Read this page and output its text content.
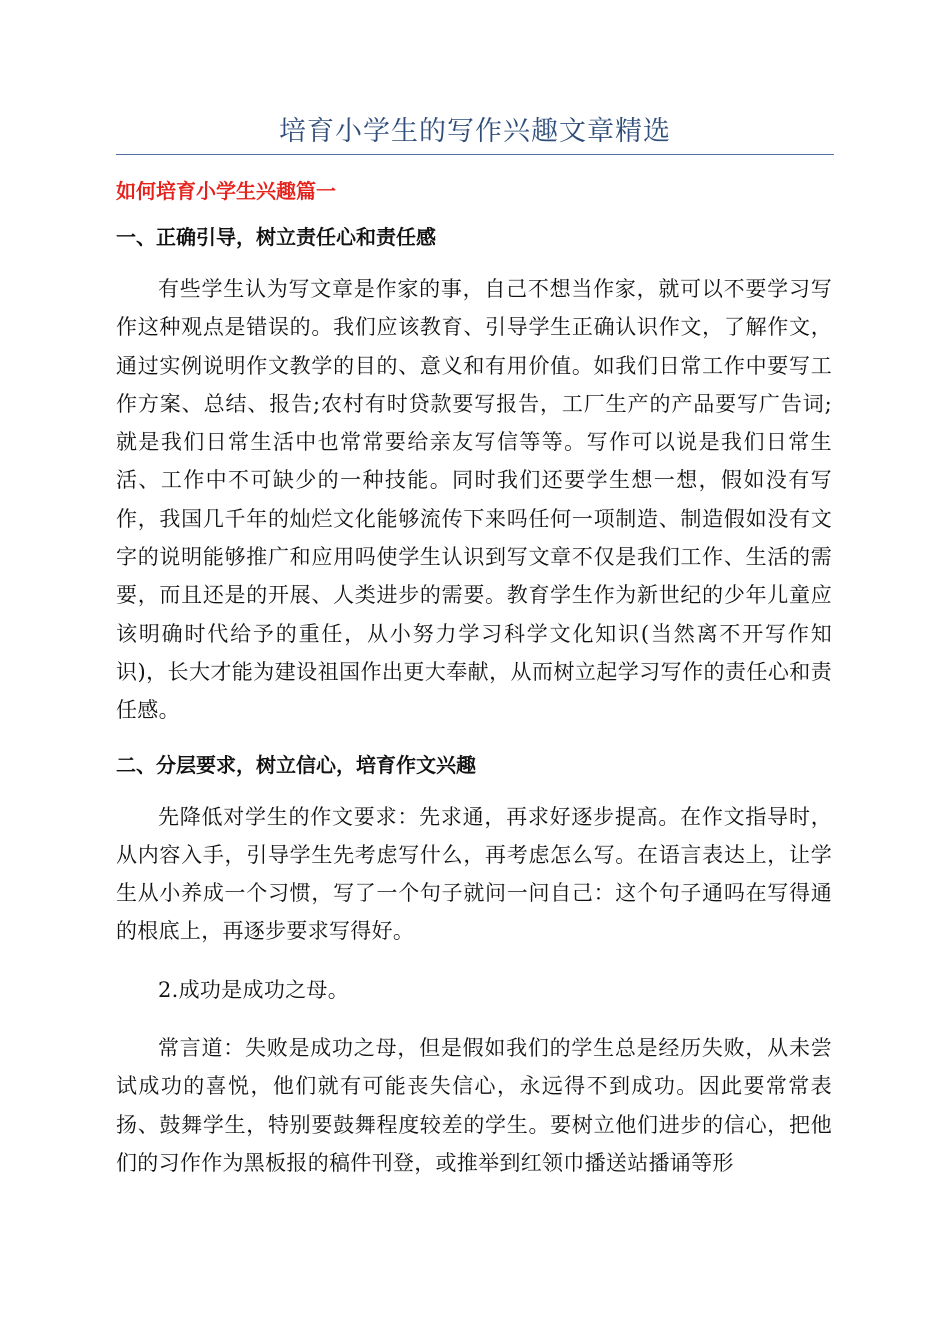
培育小学生的写作兴趣文章精选
如何培育小学生兴趣篇一
一、正确引导，树立责任心和责任感

有些学生认为写文章是作家的事，自己不想当作家，就可以不要学习写作这种观点是错误的。我们应该教育、引导学生正确认识作文，了解作文，通过实例说明作文教学的目的、意义和有用价值。如我们日常工作中要写工作方案、总结、报告;农村有时贷款要写报告，工厂生产的产品要写广告词;就是我们日常生活中也常常要给亲友写信等等。写作可以说是我们日常生活、工作中不可缺少的一种技能。同时我们还要学生想一想，假如没有写作，我国几千年的灿烂文化能够流传下来吗任何一项制造、制造假如没有文字的说明能够推广和应用吗使学生认识到写文章不仅是我们工作、生活的需要，而且还是的开展、人类进步的需要。教育学生作为新世纪的少年儿童应该明确时代给予的重任，从小努力学习科学文化知识(当然离不开写作知识)，长大才能为建设祖国作出更大奉献，从而树立起学习写作的责任心和责任感。

二、分层要求，树立信心，培育作文兴趣

先降低对学生的作文要求：先求通，再求好逐步提高。在作文指导时，从内容入手，引导学生先考虑写什么，再考虑怎么写。在语言表达上，让学生从小养成一个习惯，写了一个句子就问一问自己：这个句子通吗在写得通的根底上，再逐步要求写得好。

2.成功是成功之母。

常言道：失败是成功之母，但是假如我们的学生总是经历失败，从未尝试成功的喜悦，他们就有可能丧失信心，永远得不到成功。因此要常常表扬、鼓舞学生，特别要鼓舞程度较差的学生。要树立他们进步的信心，把他们的习作作为黑板报的稿件刊登，或推举到红领巾播送站播诵等形
